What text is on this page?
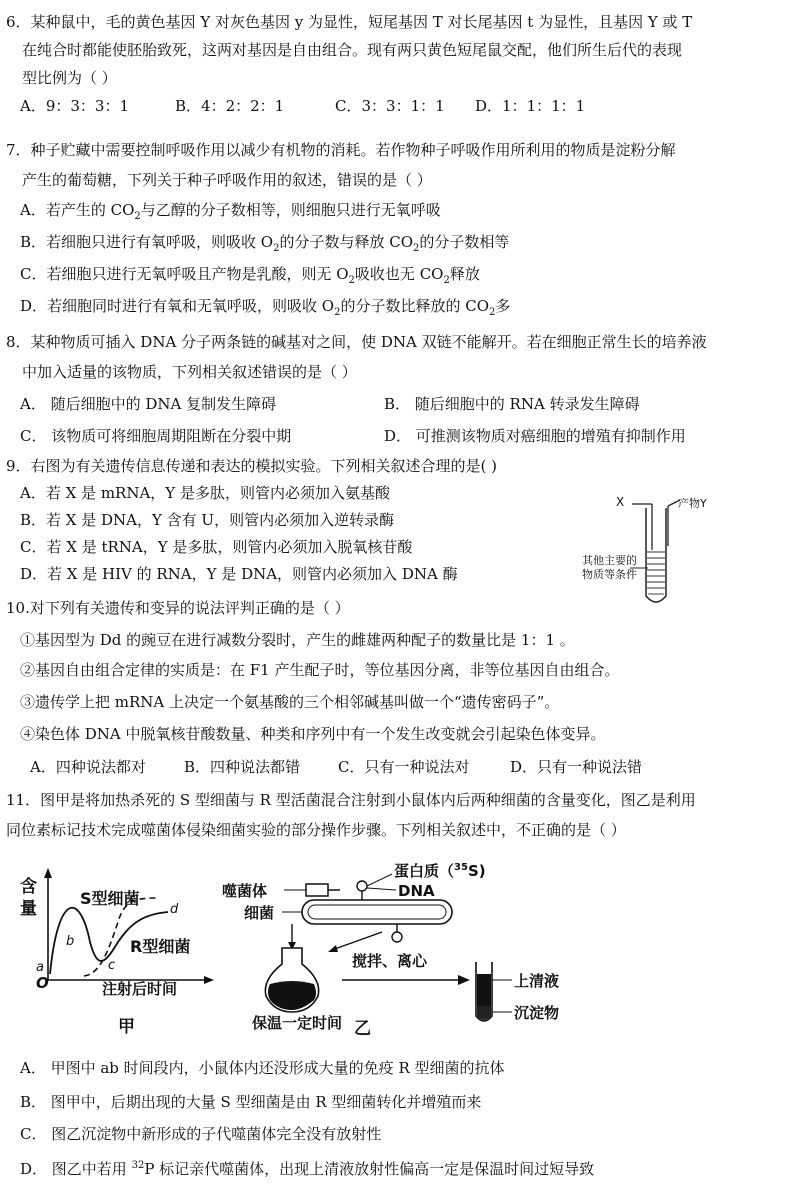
6．某种鼠中，毛的黄色基因 Y 对灰色基因 y 为显性，短尾基因 T 对长尾基因 t 为显性，且基因 Y 或 T
在纯合时都能使胚胎致死，这两对基因是自由组合。现有两只黄色短尾鼠交配，他们所生后代的表现
型比例为（ ）
A．9：3：3：1	B．4：2：2：1	C．3：3：1：1 D．1：1：1：1
7．种子贮藏中需要控制呼吸作用以减少有机物的消耗。若作物种子呼吸作用所利用的物质是淀粉分解
产生的葡萄糖，下列关于种子呼吸作用的叙述，错误的是（ ）
A．若产生的 $CO_2$与乙醇的分子数相等，则细胞只进行无氧呼吸
B．若细胞只进行有氧呼吸，则吸收 $O_2$的分子数与释放 $CO_2$的分子数相等
C．若细胞只进行无氧呼吸且产物是乳酸，则无 $O_2$吸收也无 $CO_2$释放
D．若细胞同时进行有氧和无氧呼吸，则吸收 $O_2$的分子数比释放的 $CO_2$多
8．某种物质可插入 DNA 分子两条链的碱基对之间，使 DNA 双链不能解开。若在细胞正常生长的培养液
中加入适量的该物质，下列相关叙述错误的是（ ）
A． 随后细胞中的 DNA 复制发生障碍	B． 随后细胞中的 RNA 转录发生障碍
C． 该物质可将细胞周期阻断在分裂中期	D． 可推测该物质对癌细胞的增殖有抑制作用
9．右图为有关遗传信息传递和表达的模拟实验。下列相关叙述合理的是( )
A．若 X 是 mRNA，Y 是多肽，则管内必须加入氨基酸
B．若 X 是 DNA，Y 含有 U，则管内必须加入逆转录酶
C．若 X 是 tRNA，Y 是多肽，则管内必须加入脱氧核苷酸
D．若 X 是 HIV 的 RNA，Y 是 DNA，则管内必须加入 DNA 酶
X	产物Y
其他主要的
物质等条件
10.对下列有关遗传和变异的说法评判正确的是（ ）
①基因型为 Dd 的豌豆在进行减数分裂时，产生的雌雄两种配子的数量比是 1：1 。
②基因自由组合定律的实质是：在 F1 产生配子时，等位基因分离，非等位基因自由组合。
③遗传学上把 mRNA 上决定一个氨基酸的三个相邻碱基叫做一个“遗传密码子”。
④染色体 DNA 中脱氧核苷酸数量、种类和序列中有一个发生改变就会引起染色体变异。
A．四种说法都对	B．四种说法都错	C．只有一种说法对	D．只有一种说法错
11．图甲是将加热杀死的 S 型细菌与 R 型活菌混合注射到小鼠体内后两种细菌的含量变化，图乙是利用
同位素标记技术完成噬菌体侵染细菌实验的部分操作步骤。下列相关叙述中，不正确的是（ ）
含
量
S型细菌
R型细菌
a
b
c
d
O	注射后时间
甲
噬菌体
细菌
蛋白质（$^{35}$S)
DNA
搅拌、离心
保温一定时间
上清液
沉淀物
乙
A． 甲图中 ab 时间段内，小鼠体内还没形成大量的免疫 R 型细菌的抗体
B． 图甲中，后期出现的大量 S 型细菌是由 R 型细菌转化并增殖而来
C． 图乙沉淀物中新形成的子代噬菌体完全没有放射性
D． 图乙中若用 $^{32}$P 标记亲代噬菌体，出现上清液放射性偏高一定是保温时间过短导致
